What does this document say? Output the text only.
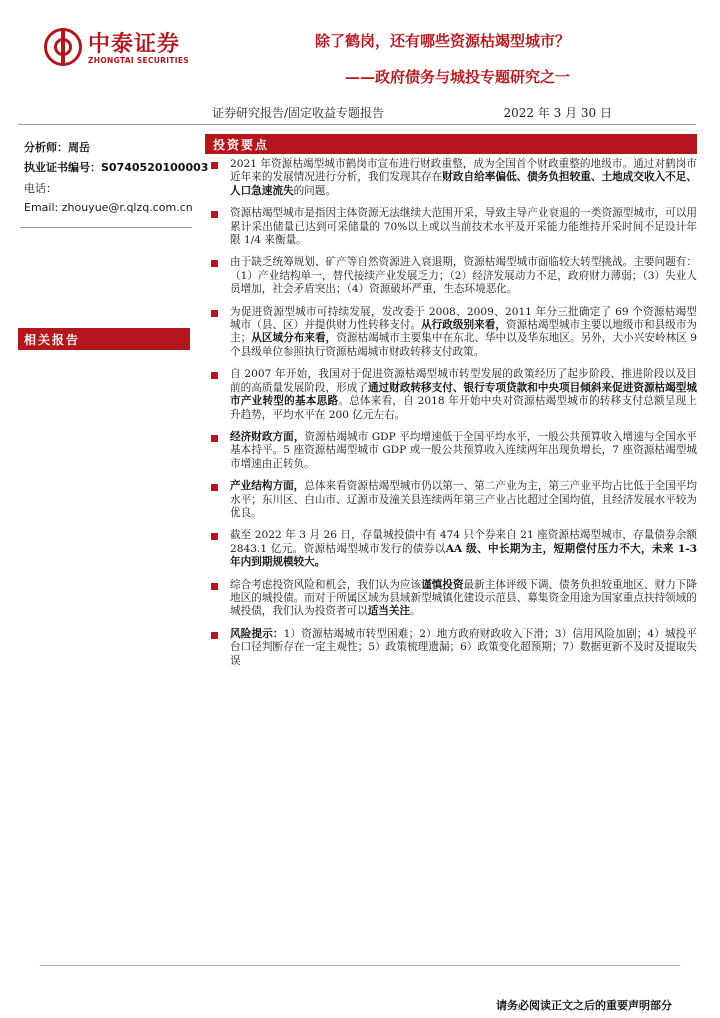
中泰证券
ZHONGTAI SECURITIES
除了鹤岗，还有哪些资源枯竭型城市？
——政府债务与城投专题研究之一
证券研究报告/固定收益专题报告	2022 年 3 月 30 日
分析师：周岳
执业证书编号：S0740520100003
电话：
Email: zhouyue@r.qlzq.com.cn
相关报告
投资要点
2021 年资源枯竭型城市鹤岗市宣布进行财政重整，成为全国首个财政重整的地级市。通过对鹤岗市近年来的发展情况进行分析，我们发现其存在财政自给率偏低、债务负担较重、土地成交收入不足、人口急速流失的问题。
资源枯竭型城市是指因主体资源无法继续大范围开采，导致主导产业衰退的一类资源型城市，可以用累计采出储量已达到可采储量的 70%以上或以当前技术水平及开采能力能维持开采时间不足设计年限 1/4 来衡量。
由于缺乏统筹规划、矿产等自然资源进入衰退期，资源枯竭型城市面临较大转型挑战。主要问题有：（1）产业结构单一，替代接续产业发展乏力；（2）经济发展动力不足，政府财力薄弱；（3）失业人员增加，社会矛盾突出；（4）资源破坏严重，生态环境恶化。
为促进资源型城市可持续发展，发改委于 2008、2009、2011 年分三批确定了 69 个资源枯竭型城市（县、区）并提供财力性转移支付。从行政级别来看，资源枯竭型城市主要以地级市和县级市为主；从区域分布来看，资源枯竭城市主要集中在东北、华中以及华东地区。另外，大小兴安岭林区 9 个县级单位参照执行资源枯竭城市财政转移支付政策。
自 2007 年开始，我国对于促进资源枯竭型城市转型发展的政策经历了起步阶段、推进阶段以及目前的高质量发展阶段，形成了通过财政转移支付、银行专项贷款和中央项目倾斜来促进资源枯竭型城市产业转型的基本思路。总体来看，自 2018 年开始中央对资源枯竭型城市的转移支付总额呈现上升趋势，平均水平在 200 亿元左右。
经济财政方面，资源枯竭城市 GDP 平均增速低于全国平均水平，一般公共预算收入增速与全国水平基本持平。5 座资源枯竭型城市 GDP 或一般公共预算收入连续两年出现负增长，7 座资源枯竭型城市增速由正转负。
产业结构方面，总体来看资源枯竭型城市仍以第一、第二产业为主，第三产业平均占比低于全国平均水平；东川区、白山市、辽源市及潼关县连续两年第三产业占比超过全国均值，且经济发展水平较为优良。
截至 2022 年 3 月 26 日，存量城投债中有 474 只个券来自 21 座资源枯竭型城市，存量债券余额 2843.1 亿元。资源枯竭型城市发行的债券以AA 级、中长期为主，短期偿付压力不大，未来 1-3 年内到期规模较大。
综合考虑投资风险和机会，我们认为应该谨慎投资最新主体评级下调、债务负担较重地区、财力下降地区的城投债。而对于所属区域为县域新型城镇化建设示范县、募集资金用途为国家重点扶持领域的城投债，我们认为投资者可以适当关注。
风险提示：1）资源枯竭城市转型困难；2）地方政府财政收入下滑；3）信用风险加剧；4）城投平台口径判断存在一定主观性；5）政策梳理遗漏；6）政策变化超预期；7）数据更新不及时及提取失误
请务必阅读正文之后的重要声明部分
